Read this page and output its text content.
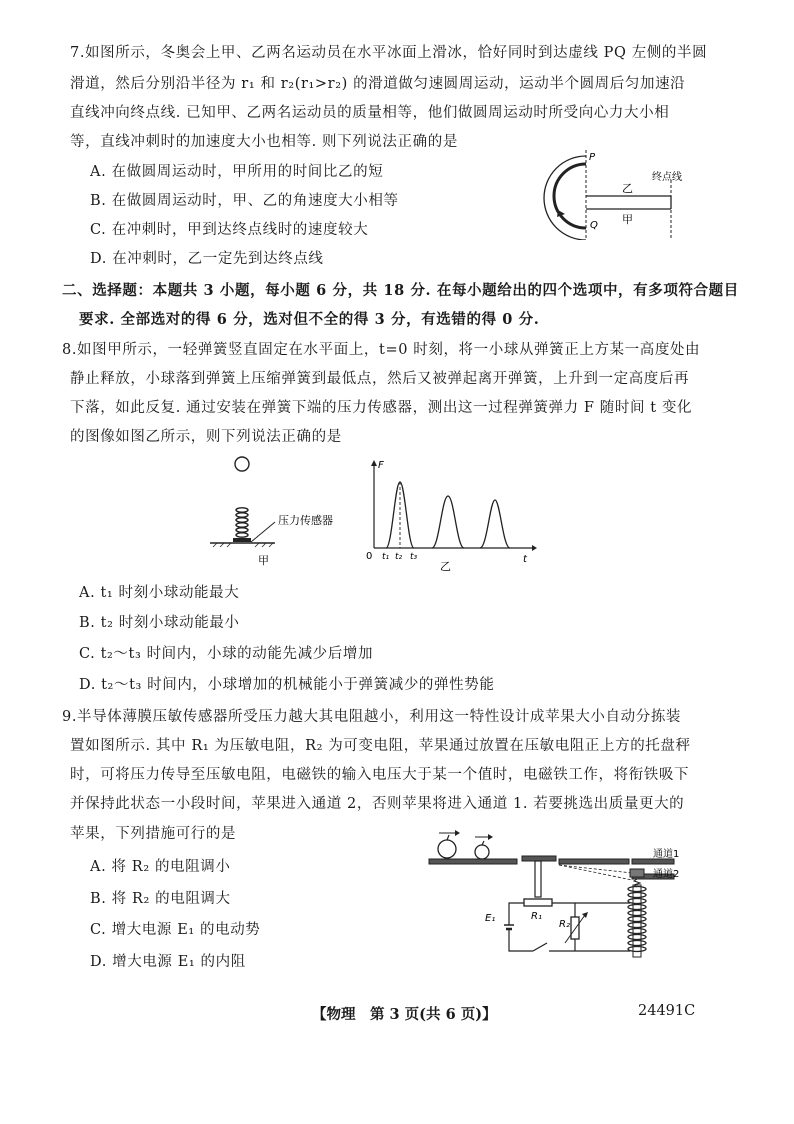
7.如图所示，冬奥会上甲、乙两名运动员在水平冰面上滑冰，恰好同时到达虚线 PQ 左侧的半圆
滑道，然后分别沿半径为 r₁ 和 r₂(r₁>r₂) 的滑道做匀速圆周运动，运动半个圆周后匀加速沿
直线冲向终点线. 已知甲、乙两名运动员的质量相等，他们做圆周运动时所受向心力大小相
等，直线冲刺时的加速度大小也相等. 则下列说法正确的是
A. 在做圆周运动时，甲所用的时间比乙的短
B. 在做圆周运动时，甲、乙的角速度大小相等
C. 在冲刺时，甲到达终点线时的速度较大
D. 在冲刺时，乙一定先到达终点线
P
Q
乙
甲
终点线
二、选择题：本题共 3 小题，每小题 6 分，共 18 分. 在每小题给出的四个选项中，有多项符合题目
要求. 全部选对的得 6 分，选对但不全的得 3 分，有选错的得 0 分.
8.如图甲所示，一轻弹簧竖直固定在水平面上，t=0 时刻，将一小球从弹簧正上方某一高度处由
静止释放，小球落到弹簧上压缩弹簧到最低点，然后又被弹起离开弹簧，上升到一定高度后再
下落，如此反复. 通过安装在弹簧下端的压力传感器，测出这一过程弹簧弹力 F 随时间 t 变化
的图像如图乙所示，则下列说法正确的是
压力传感器
甲
F
t
0 t₁ t₂ t₃
乙
A. t₁ 时刻小球动能最大
B. t₂ 时刻小球动能最小
C. t₂～t₃ 时间内，小球的动能先减少后增加
D. t₂～t₃ 时间内，小球增加的机械能小于弹簧减少的弹性势能
9.半导体薄膜压敏传感器所受压力越大其电阻越小，利用这一特性设计成苹果大小自动分拣装
置如图所示. 其中 R₁ 为压敏电阻，R₂ 为可变电阻，苹果通过放置在压敏电阻正上方的托盘秤
时，可将压力传导至压敏电阻，电磁铁的输入电压大于某一个值时，电磁铁工作，将衔铁吸下
并保持此状态一小段时间，苹果进入通道 2，否则苹果将进入通道 1. 若要挑选出质量更大的
苹果，下列措施可行的是
A. 将 R₂ 的电阻调小
B. 将 R₂ 的电阻调大
C. 增大电源 E₁ 的电动势
D. 增大电源 E₁ 的内阻
通道1
通道2
R₁
E₁
R₂
【物理　第 3 页(共 6 页)】	24491C
